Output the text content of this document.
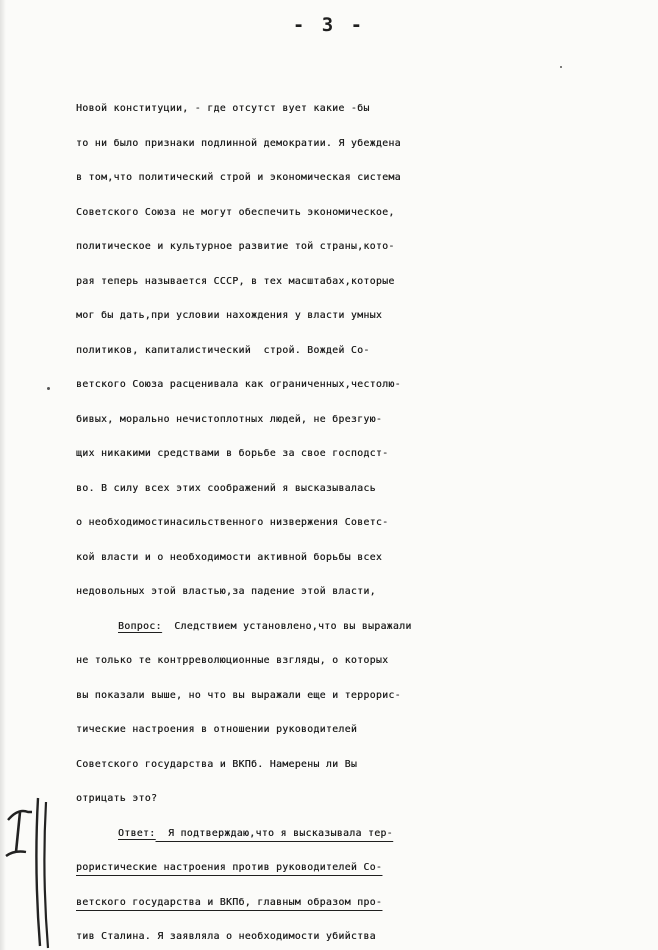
- 3 -
Новой конституции, - где отсутст вует какие -бы
то ни было признаки подлинной демократии. Я убеждена
в том,что политический строй и экономическая система
Советского Союза не могут обеспечить экономическое,
политическое и культурное развитие той страны,кото-
рая теперь называется СССР, в тех масштабах,которые
мог бы дать,при условии нахождения у власти умных
политиков, капиталистический  строй. Вождей Со-
ветского Союза расценивала как ограниченных,честолю-
бивых, морально нечистоплотных людей, не брезгую-
щих никакими средствами в борьбе за свое господст-
во. В силу всех этих соображений я высказывалась
о необходимостинасильственного низвержения Советс-
кой власти и о необходимости активной борьбы всех
недовольных этой властью,за падение этой власти,
Вопрос:  Следствием установлено,что вы выражали
не только те контрреволюционные взгляды, о которых
вы показали выше, но что вы выражали еще и террорис-
тические настроения в отношении руководителей
Советского государства и ВКПб. Намерены ли Вы
отрицать это?
Ответ:  Я подтверждаю,что я высказывала тер-
рористические настроения против руководителей Со-
ветского государства и ВКПб, главным образом про-
тив Сталина. Я заявляла о необходимости убийства
